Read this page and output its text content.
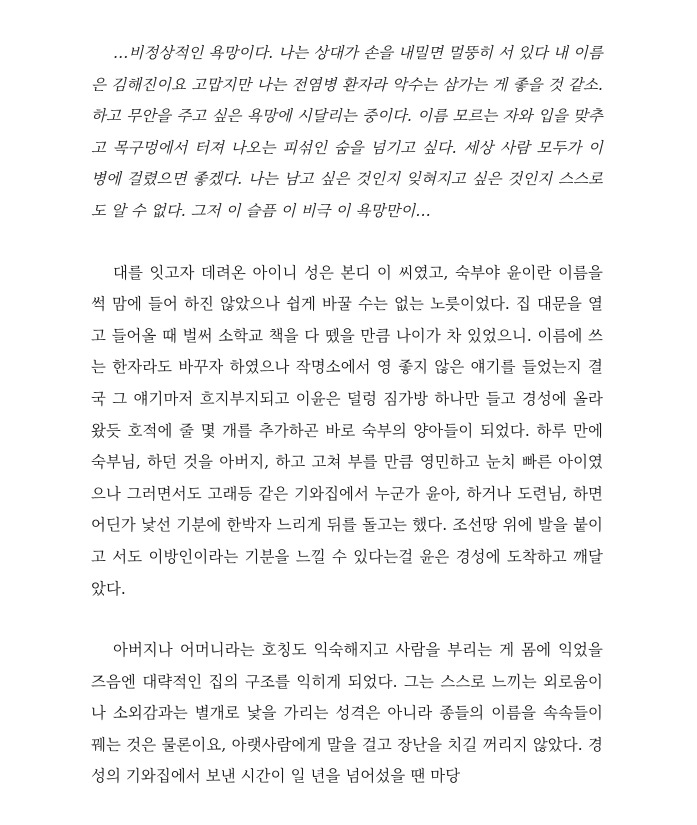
…비정상적인 욕망이다. 나는 상대가 손을 내밀면 멀뚱히 서 있다 내 이름은 김해진이요 고맙지만 나는 전염병 환자라 악수는 삼가는 게 좋을 것 같소. 하고 무안을 주고 싶은 욕망에 시달리는 중이다. 이름 모르는 자와 입을 맞추고 목구멍에서 터져 나오는 피섞인 숨을 넘기고 싶다. 세상 사람 모두가 이 병에 걸렸으면 좋겠다. 나는 남고 싶은 것인지 잊혀지고 싶은 것인지 스스로도 알 수 없다. 그저 이 슬픔 이 비극 이 욕망만이…

대를 잇고자 데려온 아이니 성은 본디 이 씨였고, 숙부야 윤이란 이름을 썩 맘에 들어 하진 않았으나 쉽게 바꿀 수는 없는 노릇이었다. 집 대문을 열고 들어올 때 벌써 소학교 책을 다 뗐을 만큼 나이가 차 있었으니. 이름에 쓰는 한자라도 바꾸자 하였으나 작명소에서 영 좋지 않은 얘기를 들었는지 결국 그 얘기마저 흐지부지되고 이윤은 덜렁 짐가방 하나만 들고 경성에 올라왔듯 호적에 줄 몇 개를 추가하곤 바로 숙부의 양아들이 되었다. 하루 만에 숙부님, 하던 것을 아버지, 하고 고쳐 부를 만큼 영민하고 눈치 빠른 아이였으나 그러면서도 고래등 같은 기와집에서 누군가 윤아, 하거나 도련님, 하면 어딘가 낯선 기분에 한박자 느리게 뒤를 돌고는 했다. 조선땅 위에 발을 붙이고 서도 이방인이라는 기분을 느낄 수 있다는걸 윤은 경성에 도착하고 깨달았다.

아버지나 어머니라는 호칭도 익숙해지고 사람을 부리는 게 몸에 익었을 즈음엔 대략적인 집의 구조를 익히게 되었다. 그는 스스로 느끼는 외로움이나 소외감과는 별개로 낯을 가리는 성격은 아니라 종들의 이름을 속속들이 꿰는 것은 물론이요, 아랫사람에게 말을 걸고 장난을 치길 꺼리지 않았다. 경성의 기와집에서 보낸 시간이 일 년을 넘어섰을 땐 마당
